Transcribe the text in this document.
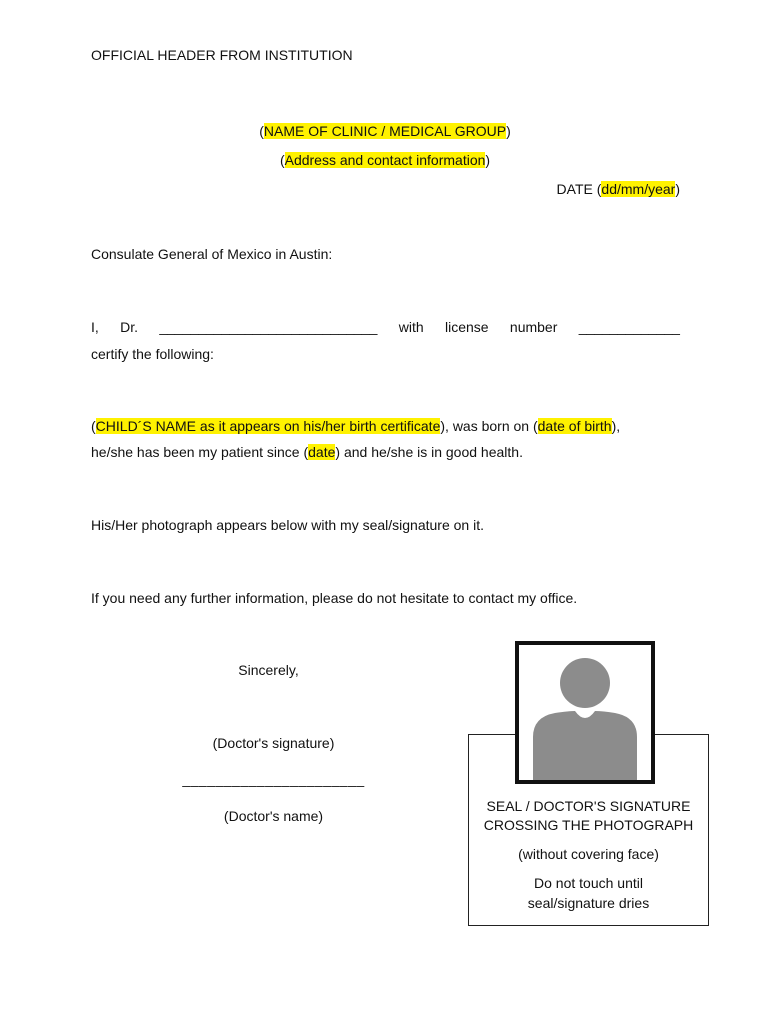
OFFICIAL HEADER FROM INSTITUTION
(NAME OF CLINIC / MEDICAL GROUP)
(Address and contact information)
DATE (dd/mm/year)
Consulate General of Mexico in Austin:
I, Dr. ____________________________ with license number _____________
certify the following:
(CHILD´S NAME as it appears on his/her birth certificate), was born on (date of birth),
he/she has been my patient since (date) and he/she is in good health.
His/Her photograph appears below with my seal/signature on it.
If you need any further information, please do not hesitate to contact my office.
Sincerely,
(Doctor's signature)
______________________
(Doctor's name)
SEAL / DOCTOR'S SIGNATURE
CROSSING THE PHOTOGRAPH
(without covering face)
Do not touch until
seal/signature dries
